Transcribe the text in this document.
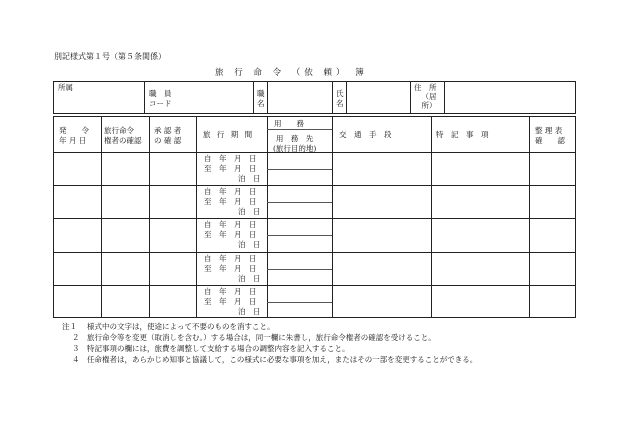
別記様式第１号（第５条関係）
旅 行 命 令 （依 頼） 簿
所属
職　員
コード
職
名
氏
名
住　所
（居
所）
発　　令
年 月 日
旅行命令
権者の確認
承 認 者
の 確 認
旅 行 期 間
用　　務
用　務　先
(旅行目的地)
交　通　手　段	特　記　事　項	整 理 表
確　　認
自　年　月　日
至　年　月　日
泊　日
自　年　月　日
至　年　月　日
泊　日
自　年　月　日
至　年　月　日
泊　日
自　年　月　日
至　年　月　日
泊　日
自　年　月　日
至　年　月　日
泊　日
注１ 様式中の文字は，使途によって不要のものを消すこと。
２ 旅行命令等を変更（取消しを含む。）する場合は，同一欄に朱書し，旅行命令権者の確認を受けること。
３ 特記事項の欄には，旅費を調整して支給する場合の調整内容を記入すること。
４ 任命権者は，あらかじめ知事と協議して，この様式に必要な事項を加え，またはその一部を変更することができる。
